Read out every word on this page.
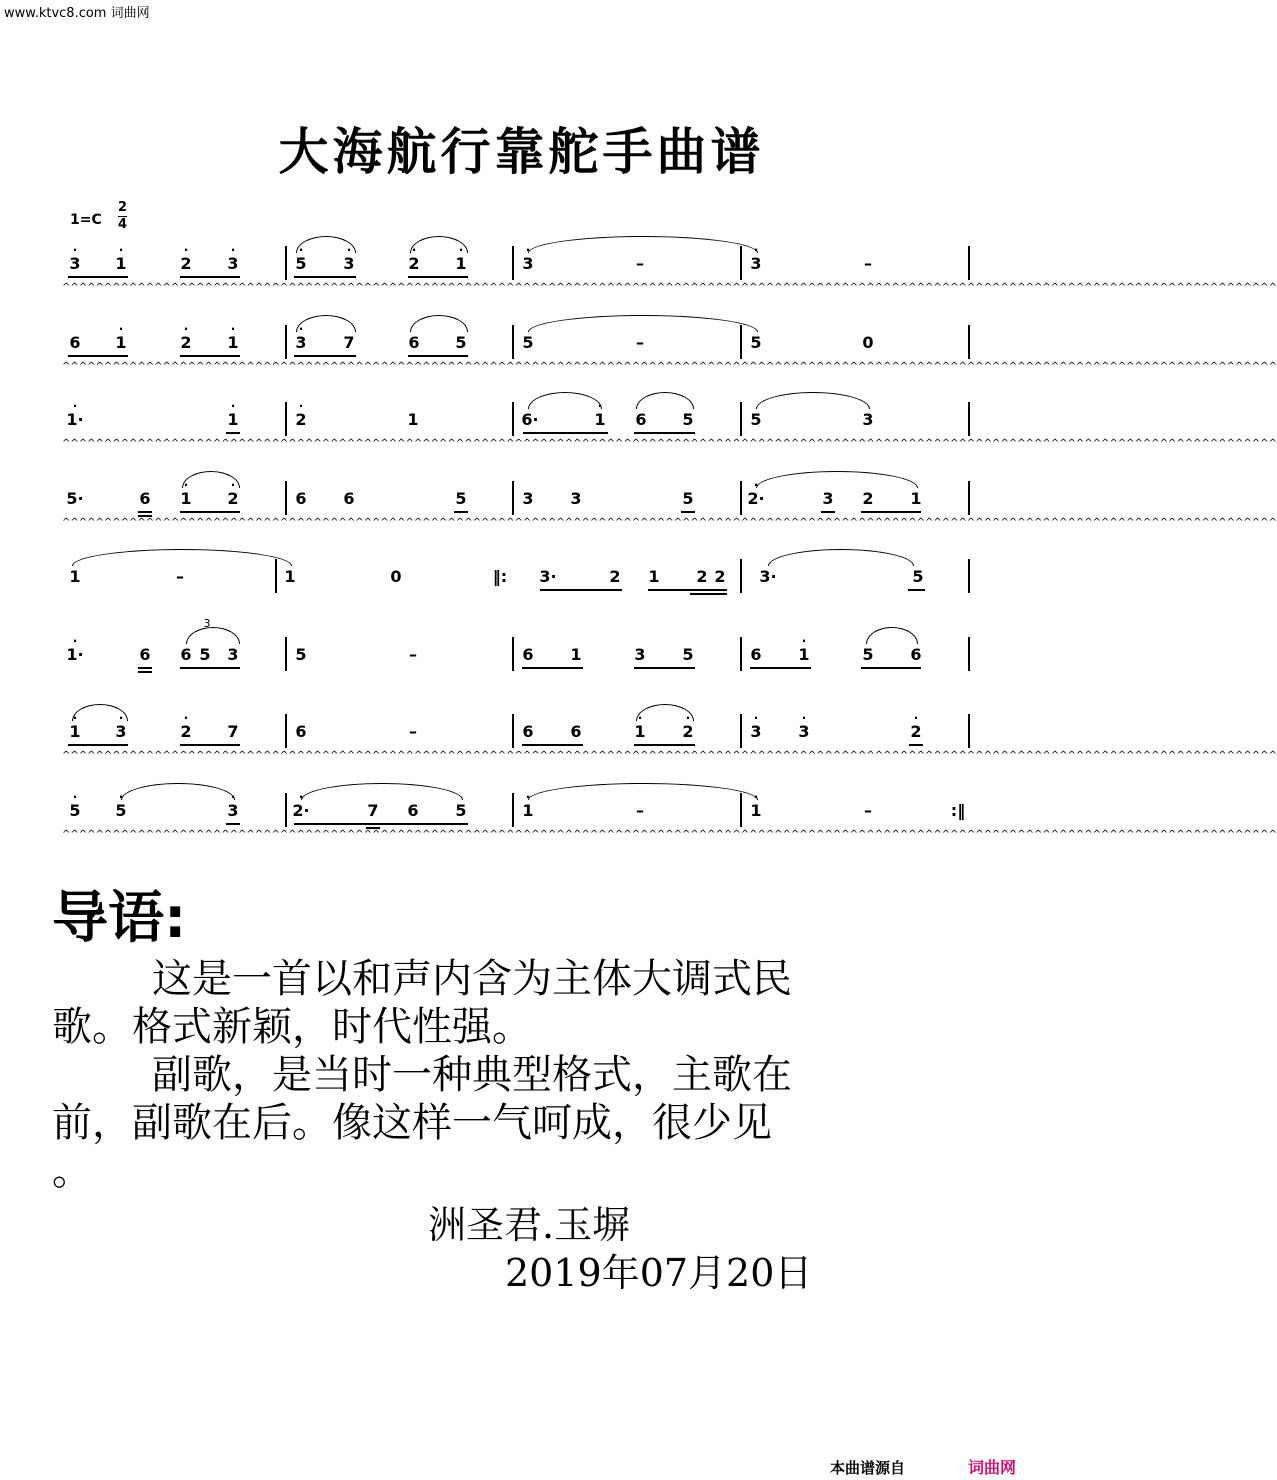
www.ktvc8.com 词曲网
大海航行靠舵手曲谱
1=C
2
4
3
·
1
·
2
·
3
·
5
·
3
·
2
·
1
·
3
·
–	3
·
–
^^^^^^^^^^^^^^^^^^^^^^^^^^^^^^^^^^^^^^^^^^^^^^^^^^^^^^^^^^^^^^^^^^^^^^^^^^^^^^^^^^^^^^^^^^^^^^^^^^^^^^^^^^^^^^^^^^^^^^^^^^^^^^^^^^^^^^^^^^^^^^^^^
6 1
·
2
·
1
·
3
·
7	6 5	5	–	5	0
^^^^^^^^^^^^^^^^^^^^^^^^^^^^^^^^^^^^^^^^^^^^^^^^^^^^^^^^^^^^^^^^^^^^^^^^^^^^^^^^^^^^^^^^^^^^^^^^^^^^^^^^^^^^^^^^^^^^^^^^^^^^^^^^^^^^^^^^^^^^^^^^^
1·
·
1
·
2
·
1	6·	1
·
6 5	5	3
^^^^^^^^^^^^^^^^^^^^^^^^^^^^^^^^^^^^^^^^^^^^^^^^^^^^^^^^^^^^^^^^^^^^^^^^^^^^^^^^^^^^^^^^^^^^^^^^^^^^^^^^^^^^^^^^^^^^^^^^^^^^^^^^^^^^^^^^^^^^^^^^^
5·	6 1
·
2
·
6 6	5	3 3	5	2·
·
3 2 1
^^^^^^^^^^^^^^^^^^^^^^^^^^^^^^^^^^^^^^^^^^^^^^^^^^^^^^^^^^^^^^^^^^^^^^^^^^^^^^^^^^^^^^^^^^^^^^^^^^^^^^^^^^^^^^^^^^^^^^^^^^^^^^^^^^^^^^^^^^^^^^^^^
1	–	1	0	3·	2 1 2 2 3·	5
‖:
1·
·
6 6 5 3	5	–	6 1	3 5	6 1
·
5 6
3
1
·
3
·
2
·
7	6	–	6 6	1
·
2
·
3
·
3
·
2
·
^^^^^^^^^^^^^^^^^^^^^^^^^^^^^^^^^^^^^^^^^^^^^^^^^^^^^^^^^^^^^^^^^^^^^^^^^^^^^^^^^^^^^^^^^^^^^^^^^^^^^^^^^^^^^^^^^^^^^^^^^^^^^^^^^^^^^^^^^^^^^^^^^
5
·
5
·
3
·
2·
·
7 6 5	1
·
–	1
·
–
^^^^^^^^^^^^^^^^^^^^^^^^^^^^^^^^^^^^^^^^^^^^^^^^^^^^^^^^^^^^^^^^^^^^^^^^^^^^^^^^^^^^^^^^^^^^^^^^^^^^^^^^^^^^^^^^^^^^^^^^^^^^^^^^^^^^^^^^^^^^^^^^^
:‖
导语:
这是一首以和声内含为主体大调式民
歌。格式新颖，时代性强。
副歌，是当时一种典型格式，主歌在
前，副歌在后。像这样一气呵成，很少见
。
洲圣君.玉塀
2019年07月20日
本曲谱源自	词曲网
